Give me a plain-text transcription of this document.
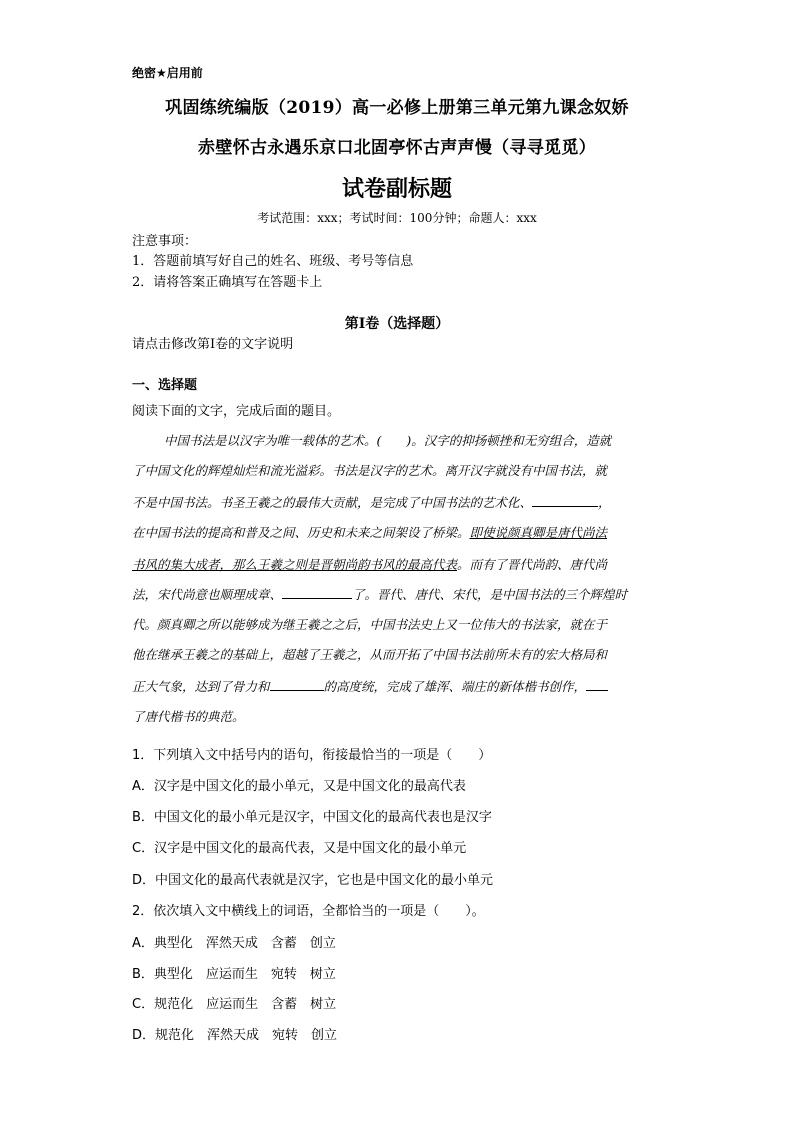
绝密★启用前
巩固练统编版（2019）高一必修上册第三单元第九课念奴娇
赤壁怀古永遇乐京口北固亭怀古声声慢（寻寻觅觅）
试卷副标题
考试范围：xxx；考试时间：100分钟；命题人：xxx
注意事项：
1．答题前填写好自己的姓名、班级、考号等信息
2．请将答案正确填写在答题卡上
第I卷（选择题）
请点击修改第I卷的文字说明
一、选择题
阅读下面的文字，完成后面的题目。
中国书法是以汉字为唯一载体的艺术。(　　)。汉字的抑扬顿挫和无穷组合，造就
了中国文化的辉煌灿烂和流光溢彩。书法是汉字的艺术。离开汉字就没有中国书法，就
不是中国书法。书圣王羲之的最伟大贡献，是完成了中国书法的艺术化、	，
在中国书法的提高和普及之间、历史和未来之间架设了桥梁。即使说颜真卿是唐代尚法
书风的集大成者，那么王羲之则是晋朝尚韵书风的最高代表。而有了晋代尚韵、唐代尚
法，宋代尚意也顺理成章、	了。晋代、唐代、宋代，是中国书法的三个辉煌时
代。颜真卿之所以能够成为继王羲之之后，中国书法史上又一位伟大的书法家，就在于
他在继承王羲之的基础上，超越了王羲之，从而开拓了中国书法前所未有的宏大格局和
正大气象，达到了骨力和	的高度统，完成了雄浑、端庄的新体楷书创作，
了唐代楷书的典范。
1．下列填入文中括号内的语句，衔接最恰当的一项是（　　）
A．汉字是中国文化的最小单元，又是中国文化的最高代表
B．中国文化的最小单元是汉字，中国文化的最高代表也是汉字
C．汉字是中国文化的最高代表，又是中国文化的最小单元
D．中国文化的最高代表就是汉字，它也是中国文化的最小单元
2．依次填入文中横线上的词语，全都恰当的一项是（　　）。
A．典型化　浑然天成　含蓄　创立
B．典型化　应运而生　宛转　树立
C．规范化　应运而生　含蓄　树立
D．规范化　浑然天成　宛转　创立
